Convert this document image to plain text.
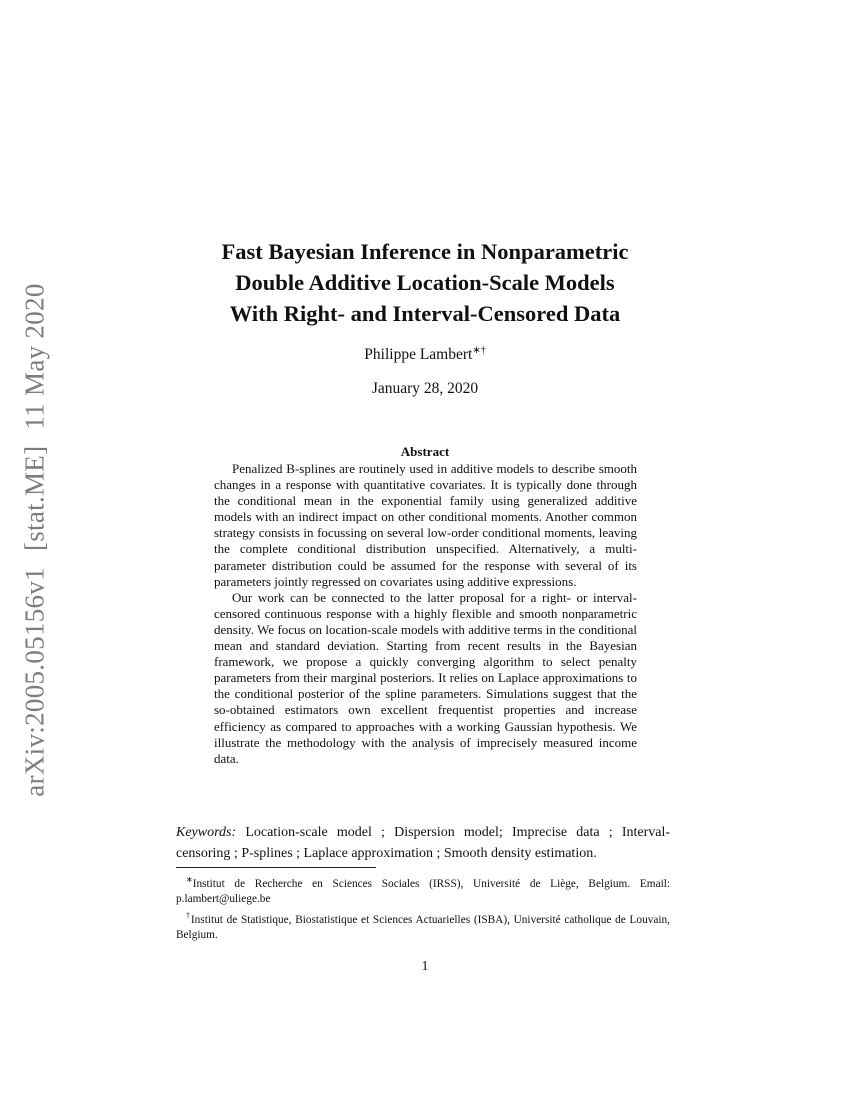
arXiv:2005.05156v1[stat.ME]11 May 2020
Fast Bayesian Inference in Nonparametric
Double Additive Location-Scale Models
With Right- and Interval-Censored Data
Philippe Lambert∗†
January 28, 2020
Abstract

Penalized B-splines are routinely used in additive models to describe smooth changes in a response with quantitative covariates. It is typically done through the conditional mean in the exponential family using generalized additive models with an indirect impact on other conditional moments. Another common strategy consists in focussing on several low-order conditional moments, leaving the complete conditional distribution unspecified. Alternatively, a multi-parameter distribution could be assumed for the response with several of its parameters jointly regressed on covariates using additive expressions.

Our work can be connected to the latter proposal for a right- or interval-censored continuous response with a highly flexible and smooth nonparametric density. We focus on location-scale models with additive terms in the conditional mean and standard deviation. Starting from recent results in the Bayesian framework, we propose a quickly converging algorithm to select penalty parameters from their marginal posteriors. It relies on Laplace approximations to the conditional posterior of the spline parameters. Simulations suggest that the so-obtained estimators own excellent frequentist properties and increase efficiency as compared to approaches with a working Gaussian hypothesis. We illustrate the methodology with the analysis of imprecisely measured income data.

Keywords: Location-scale model ; Dispersion model; Imprecise data ; Interval-censoring ; P-splines ; Laplace approximation ; Smooth density estimation.

∗Institut de Recherche en Sciences Sociales (IRSS), Université de Liège, Belgium. Email: p.lambert@uliege.be

†Institut de Statistique, Biostatistique et Sciences Actuarielles (ISBA), Université catholique de Louvain, Belgium.

1
